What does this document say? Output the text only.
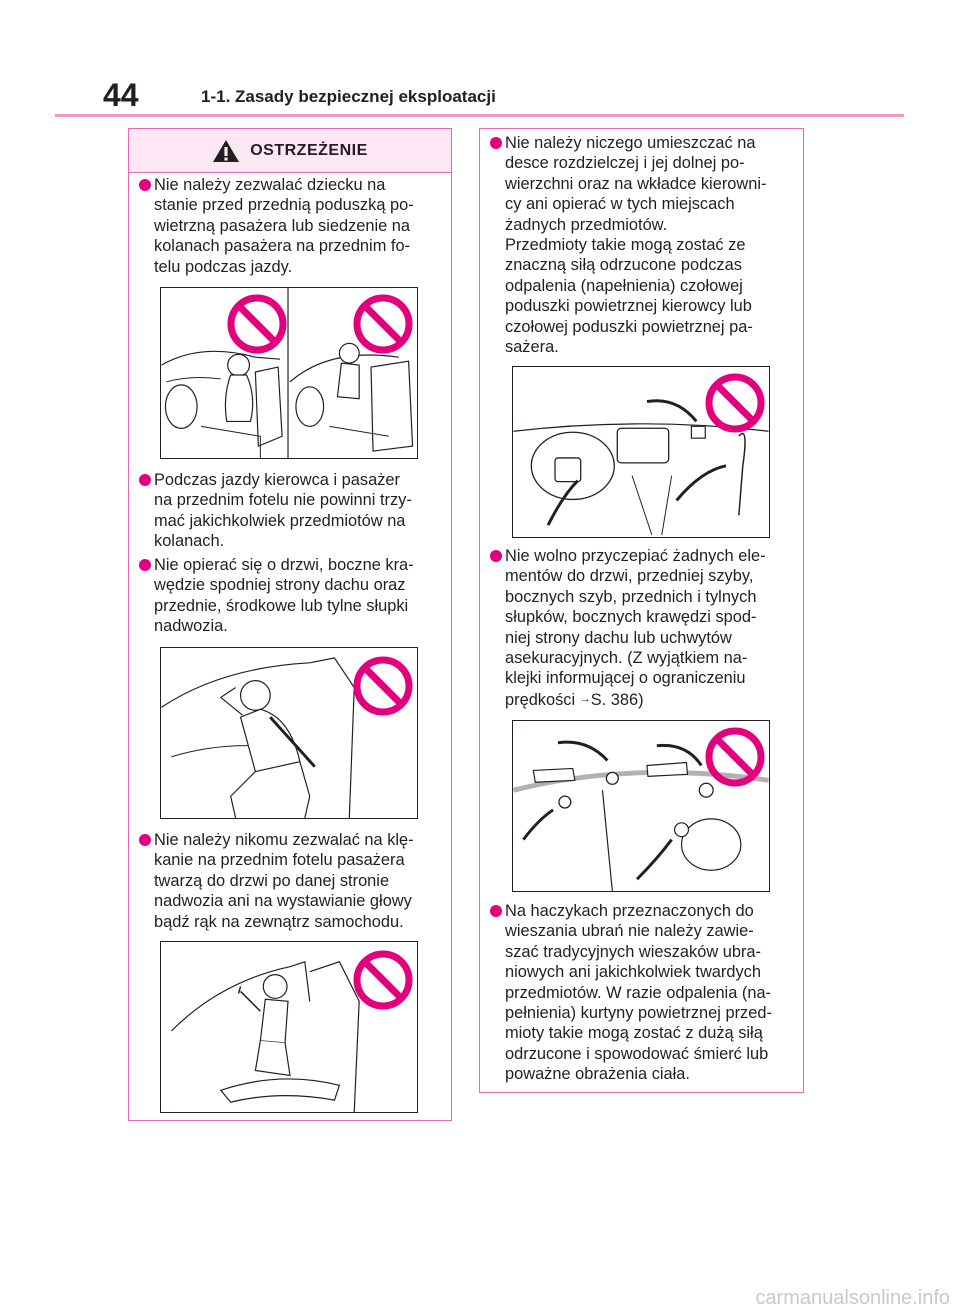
44	1-1. Zasady bezpiecznej eksploatacji
OSTRZEŻENIE
Nie należy zezwalać dziecku na
stanie przed przednią poduszką po-
wietrzną pasażera lub siedzenie na
kolanach pasażera na przednim fo-
telu podczas jazdy.
Podczas jazdy kierowca i pasażer
na przednim fotelu nie powinni trzy-
mać jakichkolwiek przedmiotów na
kolanach.
Nie opierać się o drzwi, boczne kra-
wędzie spodniej strony dachu oraz
przednie, środkowe lub tylne słupki
nadwozia.
Nie należy nikomu zezwalać na klę-
kanie na przednim fotelu pasażera
twarzą do drzwi po danej stronie
nadwozia ani na wystawianie głowy
bądź rąk na zewnątrz samochodu.
Nie należy niczego umieszczać na
desce rozdzielczej i jej dolnej po-
wierzchni oraz na wkładce kierowni-
cy ani opierać w tych miejscach
żadnych przedmiotów.
Przedmioty takie mogą zostać ze
znaczną siłą odrzucone podczas
odpalenia (napełnienia) czołowej
poduszki powietrznej kierowcy lub
czołowej poduszki powietrznej pa-
sażera.
Nie wolno przyczepiać żadnych ele-
mentów do drzwi, przedniej szyby,
bocznych szyb, przednich i tylnych
słupków, bocznych krawędzi spod-
niej strony dachu lub uchwytów
asekuracyjnych. (Z wyjątkiem na-
klejki informującej o ograniczeniu
prędkości →S. 386)
Na haczykach przeznaczonych do
wieszania ubrań nie należy zawie-
szać tradycyjnych wieszaków ubra-
niowych ani jakichkolwiek twardych
przedmiotów. W razie odpalenia (na-
pełnienia) kurtyny powietrznej przed-
mioty takie mogą zostać z dużą siłą
odrzucone i spowodować śmierć lub
poważne obrażenia ciała.
carmanualsonline.info
